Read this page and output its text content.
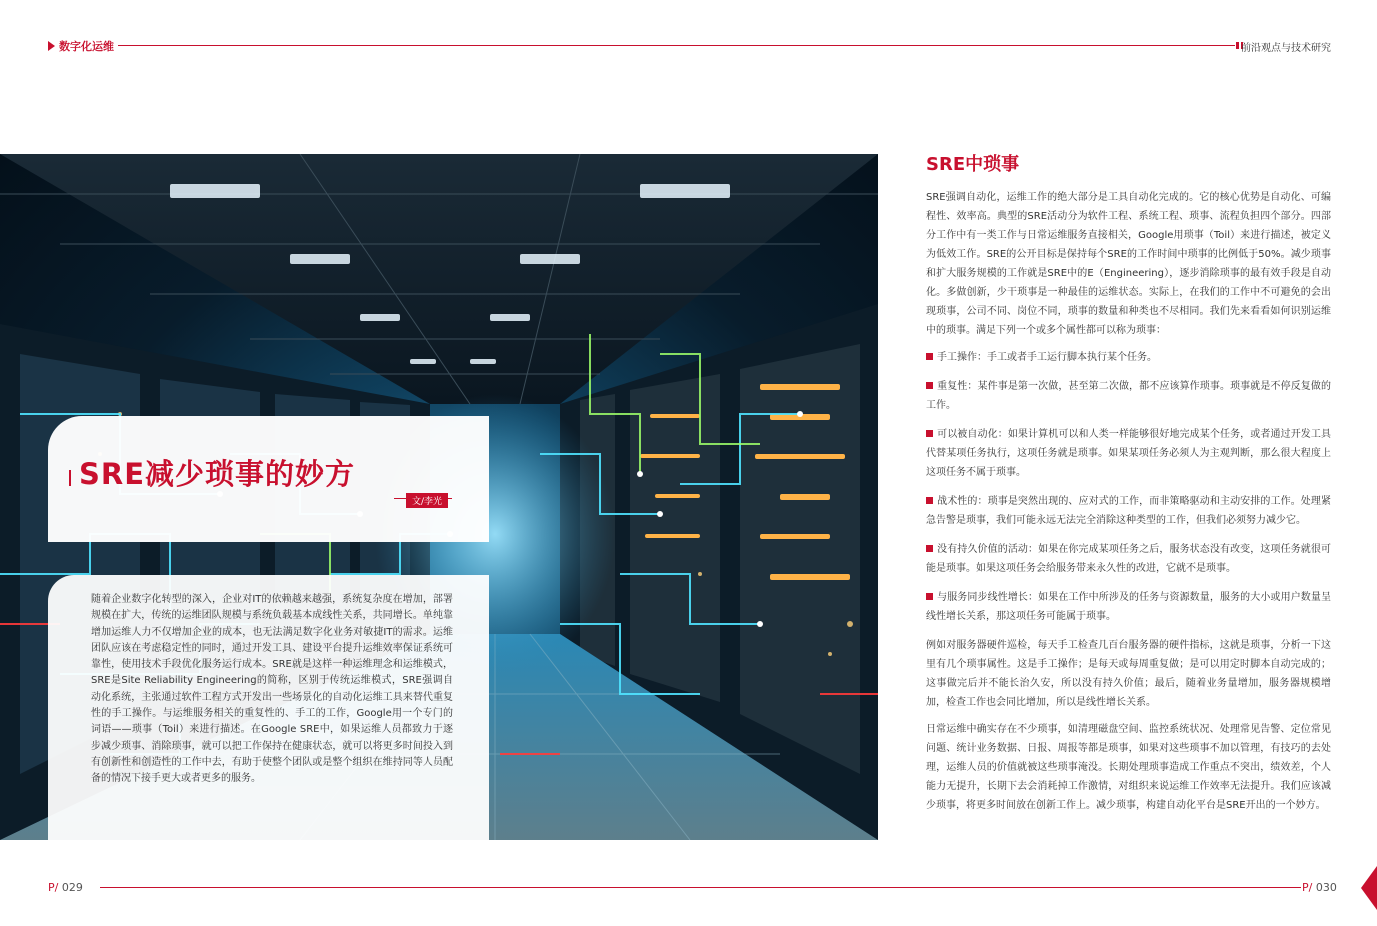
数字化运维	前沿观点与技术研究
SRE减少琐事的妙方
文/李光

随着企业数字化转型的深入，企业对IT的依赖越来越强，系统复杂度在增加，部署规模在扩大，传统的运维团队规模与系统负载基本成线性关系，共同增长。单纯靠增加运维人力不仅增加企业的成本，也无法满足数字化业务对敏捷IT的需求。运维团队应该在考虑稳定性的同时，通过开发工具、建设平台提升运维效率保证系统可靠性，使用技术手段优化服务运行成本。SRE就是这样一种运维理念和运维模式，SRE是Site Reliability Engineering的简称，区别于传统运维模式，SRE强调自动化系统，主张通过软件工程方式开发出一些场景化的自动化运维工具来替代重复性的手工操作。与运维服务相关的重复性的、手工的工作，Google用一个专门的词语——琐事（Toil）来进行描述。在Google SRE中，如果运维人员都致力于逐步减少琐事、消除琐事，就可以把工作保持在健康状态，就可以将更多时间投入到有创新性和创造性的工作中去，有助于使整个团队或是整个组织在维持同等人员配备的情况下接手更大或者更多的服务。

SRE中琐事

SRE强调自动化，运维工作的绝大部分是工具自动化完成的。它的核心优势是自动化、可编程性、效率高。典型的SRE活动分为软件工程、系统工程、琐事、流程负担四个部分。四部分工作中有一类工作与日常运维服务直接相关，Google用琐事（Toil）来进行描述，被定义为低效工作。SRE的公开目标是保持每个SRE的工作时间中琐事的比例低于50%。减少琐事和扩大服务规模的工作就是SRE中的E（Engineering），逐步消除琐事的最有效手段是自动化。多做创新，少干琐事是一种最佳的运维状态。实际上，在我们的工作中不可避免的会出现琐事，公司不同、岗位不同，琐事的数量和种类也不尽相同。我们先来看看如何识别运维中的琐事。满足下列一个或多个属性都可以称为琐事：

手工操作：手工或者手工运行脚本执行某个任务。

重复性：某件事是第一次做，甚至第二次做，都不应该算作琐事。琐事就是不停反复做的工作。

可以被自动化：如果计算机可以和人类一样能够很好地完成某个任务，或者通过开发工具代替某项任务执行，这项任务就是琐事。如果某项任务必须人为主观判断，那么很大程度上这项任务不属于琐事。

战术性的：琐事是突然出现的、应对式的工作，而非策略驱动和主动安排的工作。处理紧急告警是琐事，我们可能永远无法完全消除这种类型的工作，但我们必须努力减少它。

没有持久价值的活动：如果在你完成某项任务之后，服务状态没有改变，这项任务就很可能是琐事。如果这项任务会给服务带来永久性的改进，它就不是琐事。

与服务同步线性增长：如果在工作中所涉及的任务与资源数量，服务的大小或用户数量呈线性增长关系，那这项任务可能属于琐事。

例如对服务器硬件巡检，每天手工检查几百台服务器的硬件指标，这就是琐事，分析一下这里有几个琐事属性。这是手工操作；是每天或每周重复做；是可以用定时脚本自动完成的；这事做完后并不能长治久安，所以没有持久价值；最后，随着业务量增加，服务器规模增加，检查工作也会同比增加，所以是线性增长关系。

日常运维中确实存在不少琐事，如清理磁盘空间、监控系统状况、处理常见告警、定位常见问题、统计业务数据、日报、周报等都是琐事，如果对这些琐事不加以管理，有技巧的去处理，运维人员的价值就被这些琐事淹没。长期处理琐事造成工作重点不突出，绩效差，个人能力无提升，长期下去会消耗掉工作激情，对组织来说运维工作效率无法提升。我们应该减少琐事，将更多时间放在创新工作上。减少琐事，构建自动化平台是SRE开出的一个妙方。

P/ 029	P/ 030
